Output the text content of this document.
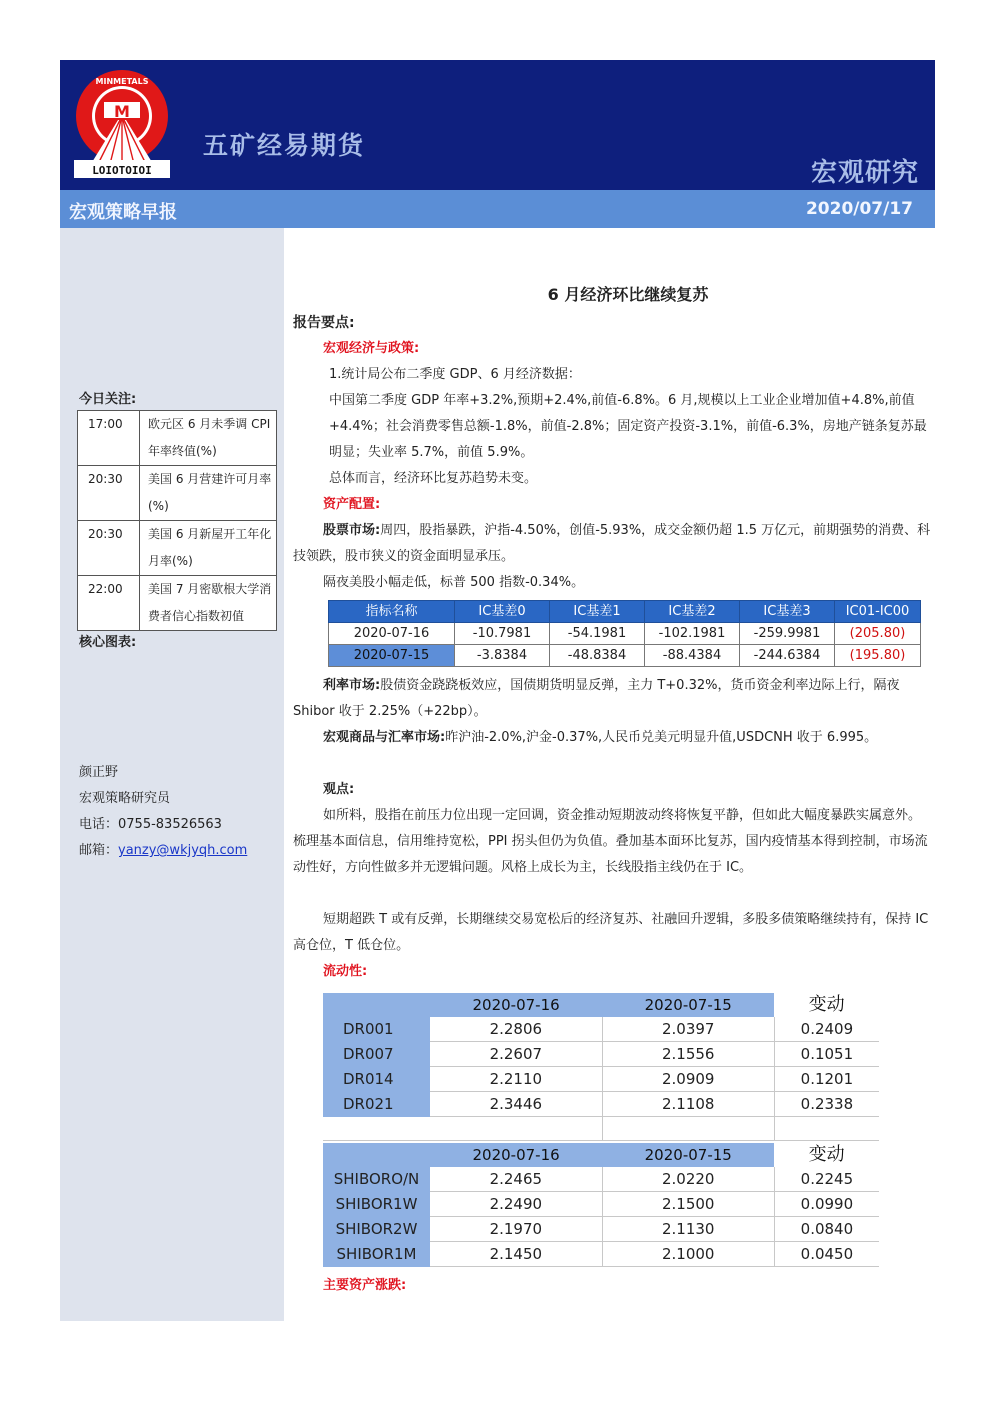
M
LOIOTOIOI
MINMETALS
五矿经易期货
宏观研究
宏观策略早报	2020/07/17
今日关注:
17:00	欧元区 6 月未季调 CPI 年率终值(%)
20:30	美国 6 月营建许可月率(%)
20:30	美国 6 月新屋开工年化月率(%)
22:00	美国 7 月密歇根大学消费者信心指数初值
核心图表:
颜正野
宏观策略研究员
电话：0755-83526563
邮箱：yanzy@wkjyqh.com
6 月经济环比继续复苏
报告要点:
宏观经济与政策:
1.统计局公布二季度 GDP、6 月经济数据：
中国第二季度 GDP 年率+3.2%,预期+2.4%,前值-6.8%。6 月,规模以上工业企业增加值+4.8%,前值+4.4%；社会消费零售总额-1.8%，前值-2.8%；固定资产投资-3.1%，前值-6.3%，房地产链条复苏最明显；失业率 5.7%，前值 5.9%。
总体而言，经济环比复苏趋势未变。
资产配置:
股票市场:周四，股指暴跌，沪指-4.50%，创值-5.93%，成交金额仍超 1.5 万亿元，前期强势的消费、科技领跌，股市狭义的资金面明显承压。
隔夜美股小幅走低，标普 500 指数-0.34%。
指标名称	IC基差0	IC基差1	IC基差2	IC基差3	IC01-IC00
2020-07-16	-10.7981	-54.1981	-102.1981	-259.9981	(205.80)
2020-07-15	-3.8384	-48.8384	-88.4384	-244.6384	(195.80)
利率市场:股债资金跷跷板效应，国债期货明显反弹，主力 T+0.32%，货币资金利率边际上行，隔夜 Shibor 收于 2.25%（+22bp）。
宏观商品与汇率市场:昨沪油-2.0%,沪金-0.37%,人民币兑美元明显升值,USDCNH 收于 6.995。
观点:
如所料，股指在前压力位出现一定回调，资金推动短期波动终将恢复平静，但如此大幅度暴跌实属意外。梳理基本面信息，信用维持宽松，PPI 拐头但仍为负值。叠加基本面环比复苏，国内疫情基本得到控制，市场流动性好，方向性做多并无逻辑问题。风格上成长为主，长线股指主线仍在于 IC。
短期超跌 T 或有反弹，长期继续交易宽松后的经济复苏、社融回升逻辑，多股多债策略继续持有，保持 IC 高仓位，T 低仓位。
流动性:
	2020-07-16	2020-07-15	变动
DR001	2.2806	2.0397	0.2409
DR007	2.2607	2.1556	0.1051
DR014	2.2110	2.0909	0.1201
DR021	2.3446	2.1108	0.2338

	2020-07-16	2020-07-15	变动
SHIBORO/N	2.2465	2.0220	0.2245
SHIBOR1W	2.2490	2.1500	0.0990
SHIBOR2W	2.1970	2.1130	0.0840
SHIBOR1M	2.1450	2.1000	0.0450
主要资产涨跌:
